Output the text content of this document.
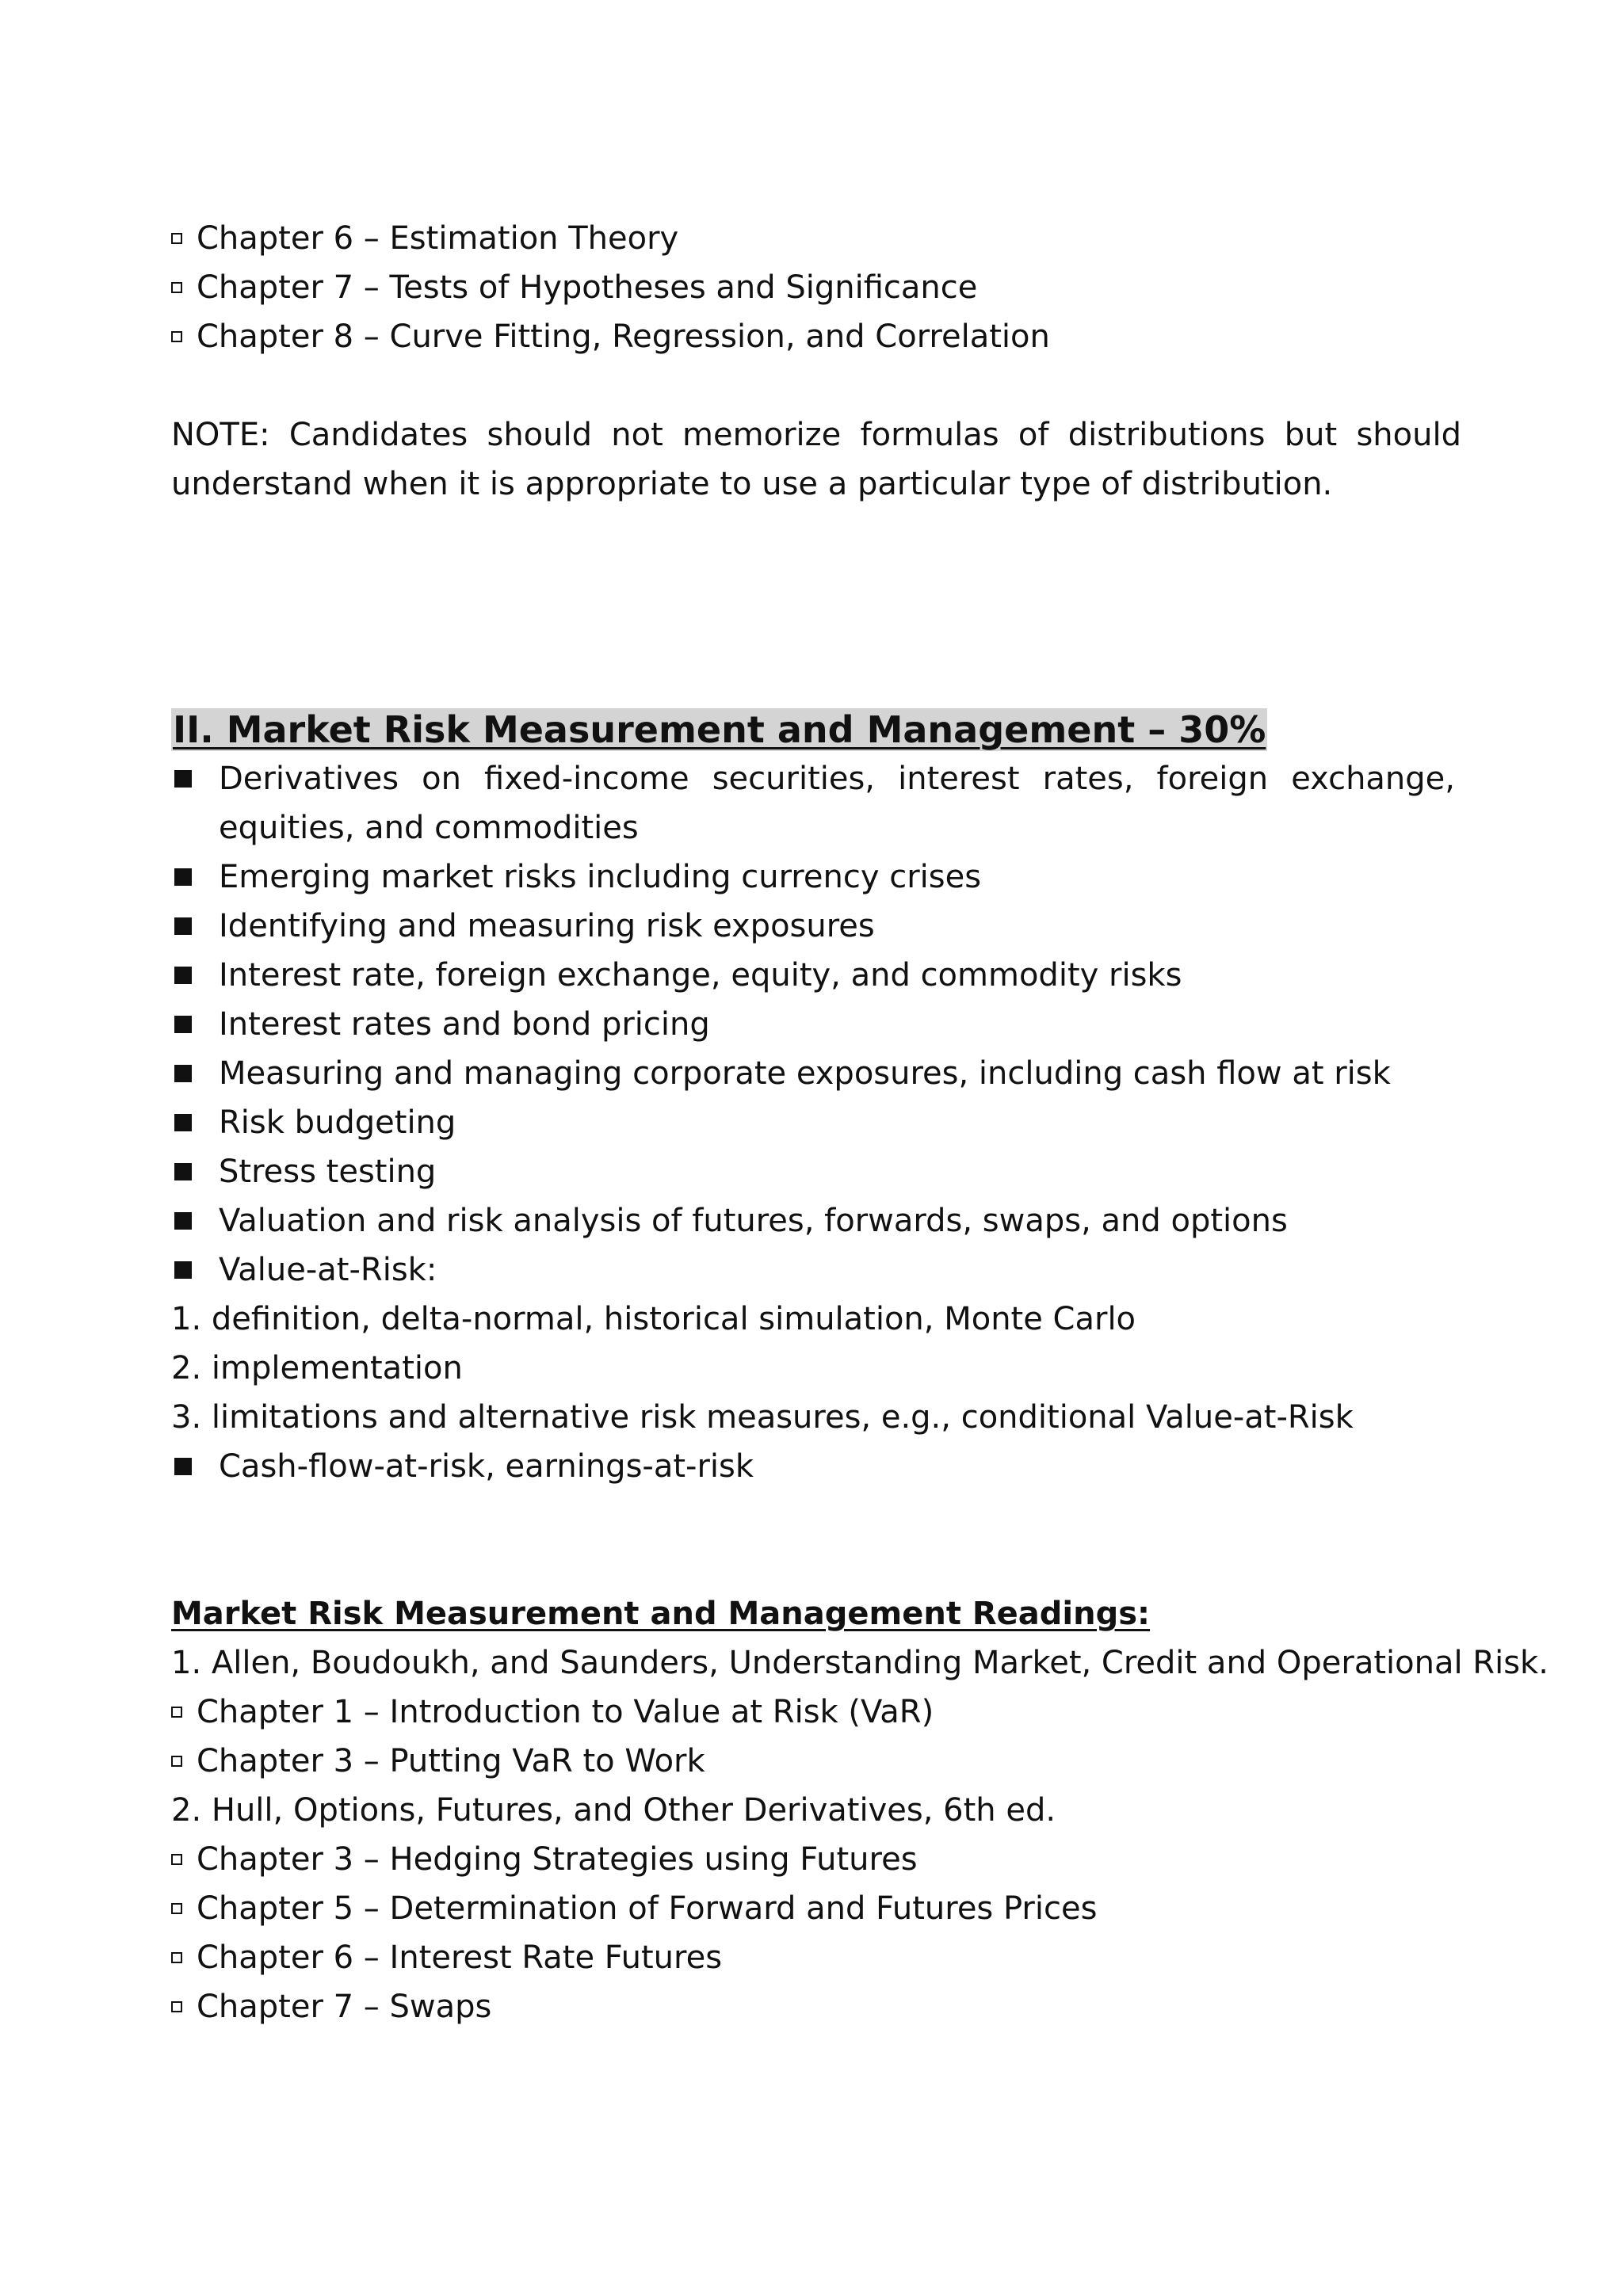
Chapter 6 – Estimation Theory
Chapter 7 – Tests of Hypotheses and Significance
Chapter 8 – Curve Fitting, Regression, and Correlation
NOTE: Candidates should not memorize formulas of distributions but should understand when it is appropriate to use a particular type of distribution.
II. Market Risk Measurement and Management – 30%
Derivatives on fixed-income securities, interest rates, foreign exchange, equities, and commodities
Emerging market risks including currency crises
Identifying and measuring risk exposures
Interest rate, foreign exchange, equity, and commodity risks
Interest rates and bond pricing
Measuring and managing corporate exposures, including cash flow at risk
Risk budgeting
Stress testing
Valuation and risk analysis of futures, forwards, swaps, and options
Value-at-Risk:
1. definition, delta-normal, historical simulation, Monte Carlo
2. implementation
3. limitations and alternative risk measures, e.g., conditional Value-at-Risk
Cash-flow-at-risk, earnings-at-risk
Market Risk Measurement and Management Readings:
1. Allen, Boudoukh, and Saunders, Understanding Market, Credit and Operational Risk.
Chapter 1 – Introduction to Value at Risk (VaR)
Chapter 3 – Putting VaR to Work
2. Hull, Options, Futures, and Other Derivatives, 6th ed.
Chapter 3 – Hedging Strategies using Futures
Chapter 5 – Determination of Forward and Futures Prices
Chapter 6 – Interest Rate Futures
Chapter 7 – Swaps
